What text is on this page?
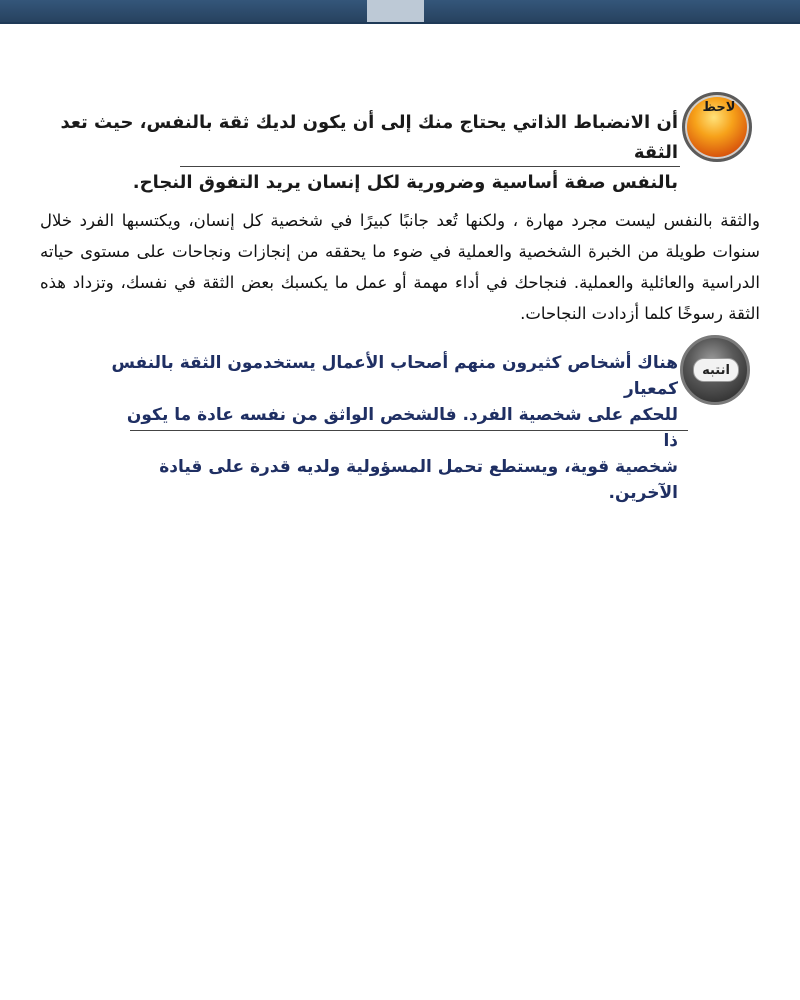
لاحظ

أن الانضباط الذاتي يحتاج منك إلى أن يكون لديك ثقة بالنفس، حيث تعد الثقة

بالنفس صفة أساسية وضرورية لكل إنسان يريد التفوق النجاح.

والثقة بالنفس ليست مجرد مهارة ، ولكنها تُعد جانبًا كبيرًا في شخصية كل إنسان، ويكتسبها الفرد خلال سنوات طويلة من الخبرة الشخصية والعملية في ضوء ما يحققه من إنجازات ونجاحات على مستوى حياته الدراسية والعائلية والعملية. فنجاحك في أداء مهمة أو عمل ما يكسبك بعض الثقة في نفسك، وتزداد هذه الثقة رسوخًا كلما أزدادت النجاحات.

انتبه

هناك أشخاص كثيرون منهم أصحاب الأعمال يستخدمون الثقة بالنفس كمعيار

للحكم على شخصية الفرد. فالشخص الواثق من نفسه عادة ما يكون ذا

شخصية قوية، ويستطع تحمل المسؤولية ولديه قدرة على قيادة الآخرين.
